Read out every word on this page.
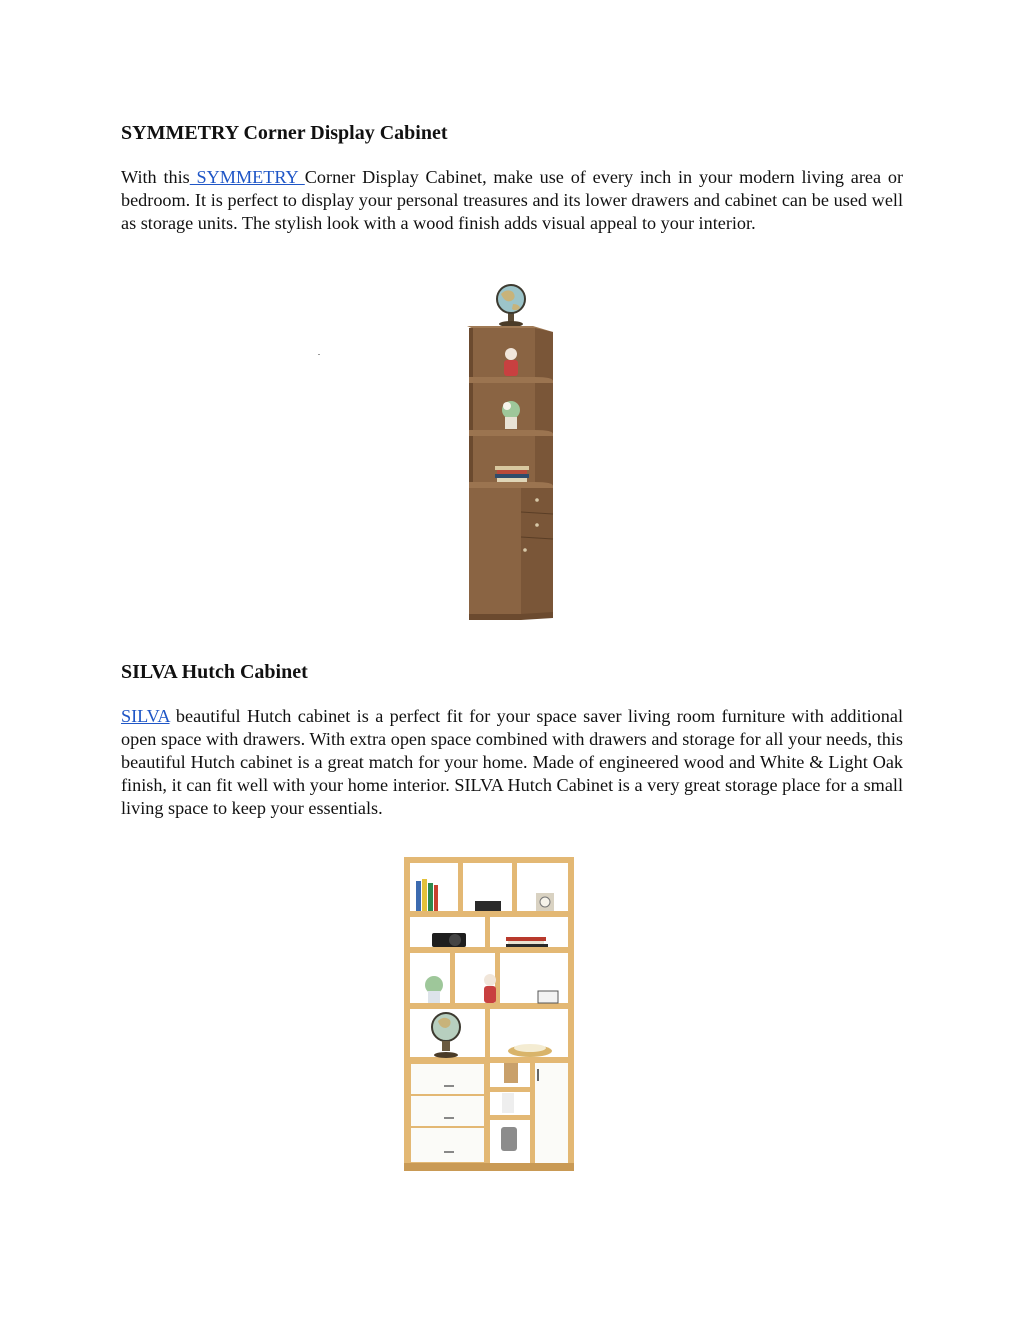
SYMMETRY Corner Display Cabinet

With this SYMMETRY Corner Display Cabinet, make use of every inch in your modern living area or bedroom. It is perfect to display your personal treasures and its lower drawers and cabinet can be used well as storage units. The stylish look with a wood finish adds visual appeal to your interior.

SILVA Hutch Cabinet

SILVA beautiful Hutch cabinet is a perfect fit for your space saver living room furniture with additional open space with drawers. With extra open space combined with drawers and storage for all your needs, this beautiful Hutch cabinet is a great match for your home. Made of engineered wood and White & Light Oak finish, it can fit well with your home interior. SILVA Hutch Cabinet is a very great storage place for a small living space to keep your essentials.
